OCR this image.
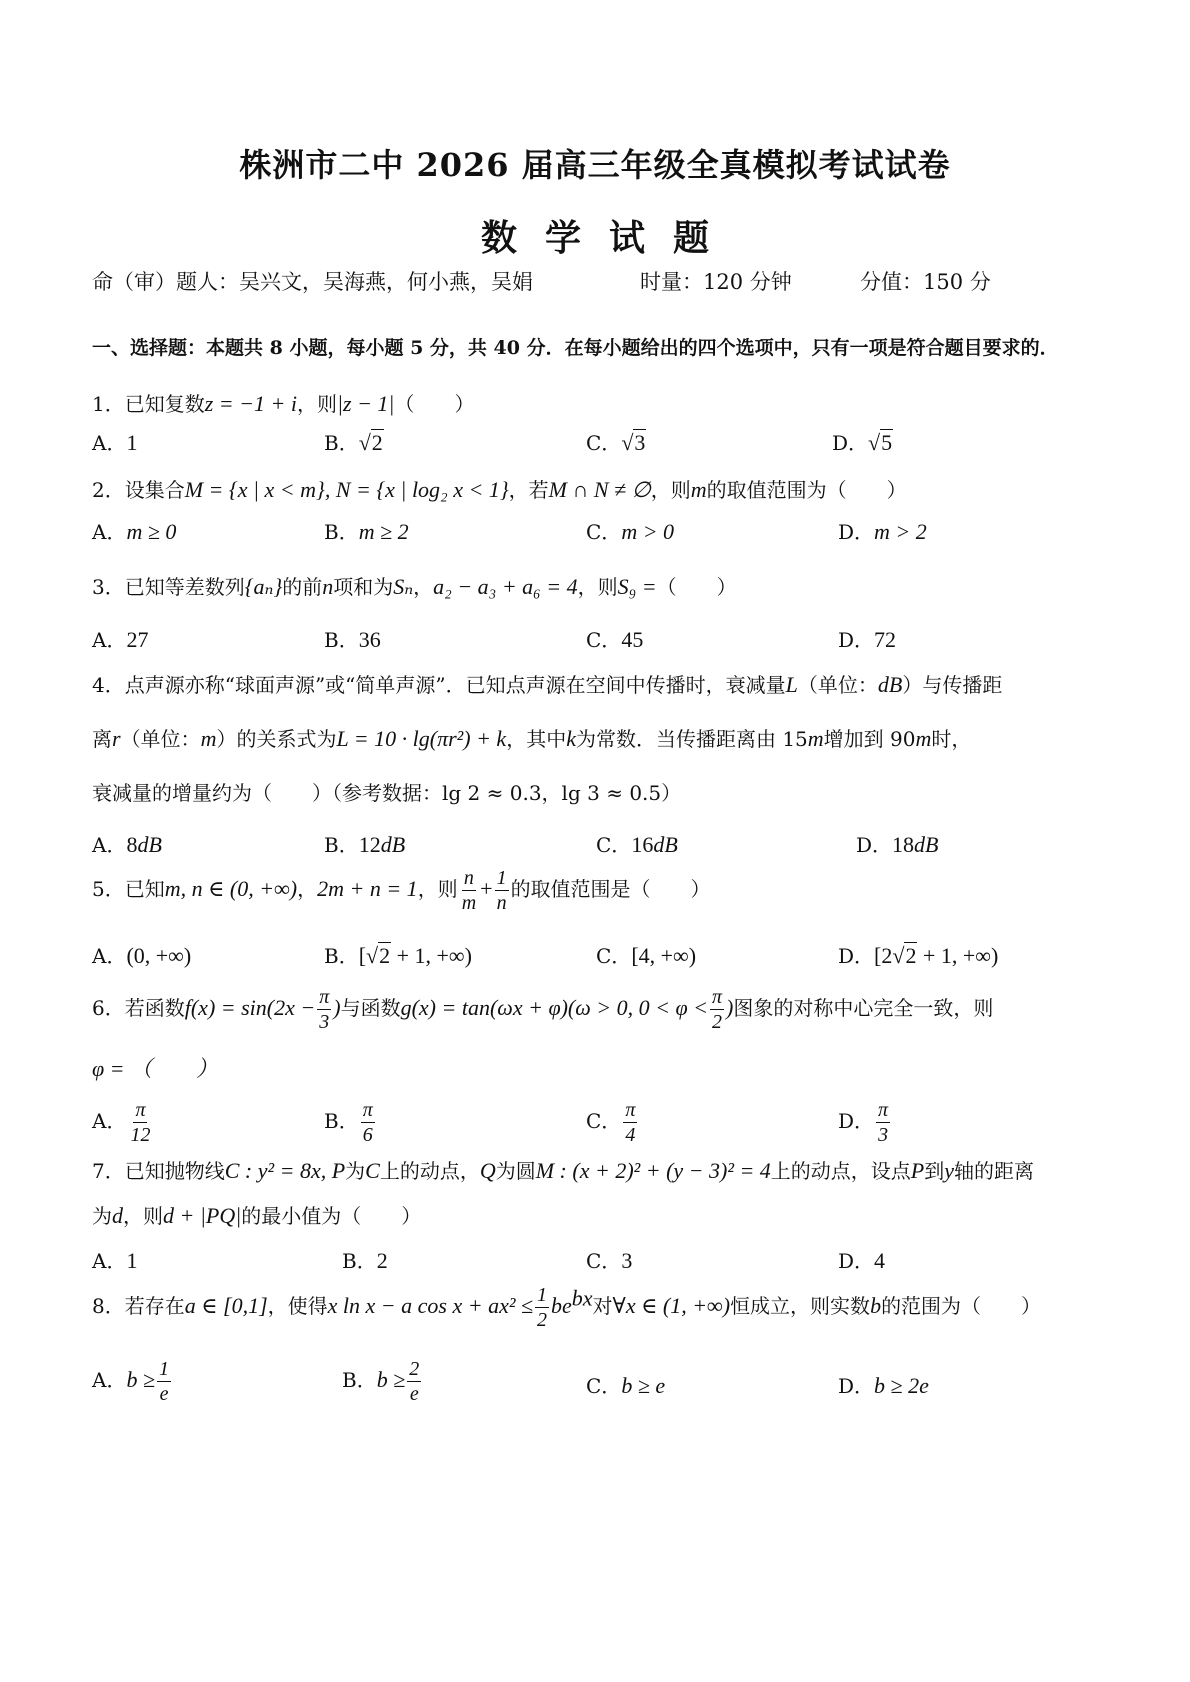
株洲市二中 2026 届高三年级全真模拟考试试卷
数学试题
命（审）题人：吴兴文，吴海燕，何小燕，吴娟	时量：120 分钟	分值：150 分
一、选择题：本题共 8 小题，每小题 5 分，共 40 分．在每小题给出的四个选项中，只有一项是符合题目要求的．
1．已知复数z = −1 + i，则|z − 1|（　　）
A．1	B．√2	C．√3	D．√5
2．设集合M = {x | x < m}, N = {x | log₂ x < 1}，若M ∩ N ≠ ∅，则m的取值范围为（　　）
A．m ≥ 0	B．m ≥ 2	C．m > 0	D．m > 2
3．已知等差数列{aₙ}的前n项和为Sₙ，a₂ − a₃ + a₆ = 4，则S₉ =（　　）
A．27	B．36	C．45	D．72
4．点声源亦称“球面声源”或“简单声源”．已知点声源在空间中传播时，衰减量L（单位：dB）与传播距
离r（单位：m）的关系式为L = 10 · lg(πr²) + k，其中k为常数．当传播距离由 15m增加到 90m时，
衰减量的增量约为（　　）（参考数据：lg 2 ≈ 0.3，lg 3 ≈ 0.5）
A．8dB	B．12dB	C．16dB	D．18dB
5．已知m, n ∈ (0, +∞)，2m + n = 1，则 $\frac{n}{m} + \frac{1}{n}$ 的取值范围是（　　）
A．(0, +∞)	B．[√2 + 1, +∞)	C．[4, +∞)	D．[2√2 + 1, +∞)
6．若函数$f(x) = \sin(2x - \frac{\pi}{3}$ )与函数g(x) = tan(ωx + φ)(ω > 0, $0 < \varphi < \frac{\pi}{2}$ )图象的对称中心完全一致，则
φ = （　　）
A． $\frac{\pi}{12}$	B． $\frac{\pi}{6}$	C． $\frac{\pi}{4}$	D． $\frac{\pi}{3}$
7．已知抛物线C : y² = 8x, P为C上的动点，Q为圆M : (x + 2)² + (y − 3)² = 4上的动点，设点P到y轴的距离
为d，则d + |PQ|的最小值为（　　）
A．1	B．2	C．3	D．4
8．若存在a ∈ [0,1]，使得x ln x − a $\cos x + ax^2 \le \frac{1}{2} be^{bx}$对∀x ∈ (1, +∞)恒成立，则实数b的范围为（　　）
A．$b \ge \frac{1}{e}$	B．$b \ge \frac{2}{e}$	C．b ≥ e	D．b ≥ 2e
